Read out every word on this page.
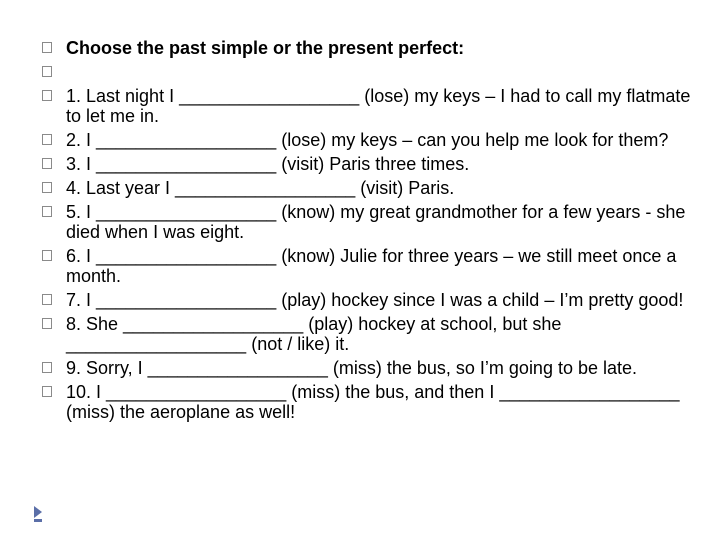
Choose the past simple or the present perfect:
1. Last night I __________________ (lose) my keys – I had to call my flatmate to let me in.
2. I __________________ (lose) my keys – can you help me look for them?
3. I __________________ (visit) Paris three times.
4. Last year I __________________ (visit) Paris.
5. I __________________ (know) my great grandmother for a few years - she died when I was eight.
6. I __________________ (know) Julie for three years – we still meet once a month.
7. I __________________ (play) hockey since I was a child – I’m pretty good!
8. She __________________ (play) hockey at school, but she __________________ (not / like) it.
9. Sorry, I __________________ (miss) the bus, so I’m going to be late.
10. I __________________ (miss) the bus, and then I __________________ (miss) the aeroplane as well!
